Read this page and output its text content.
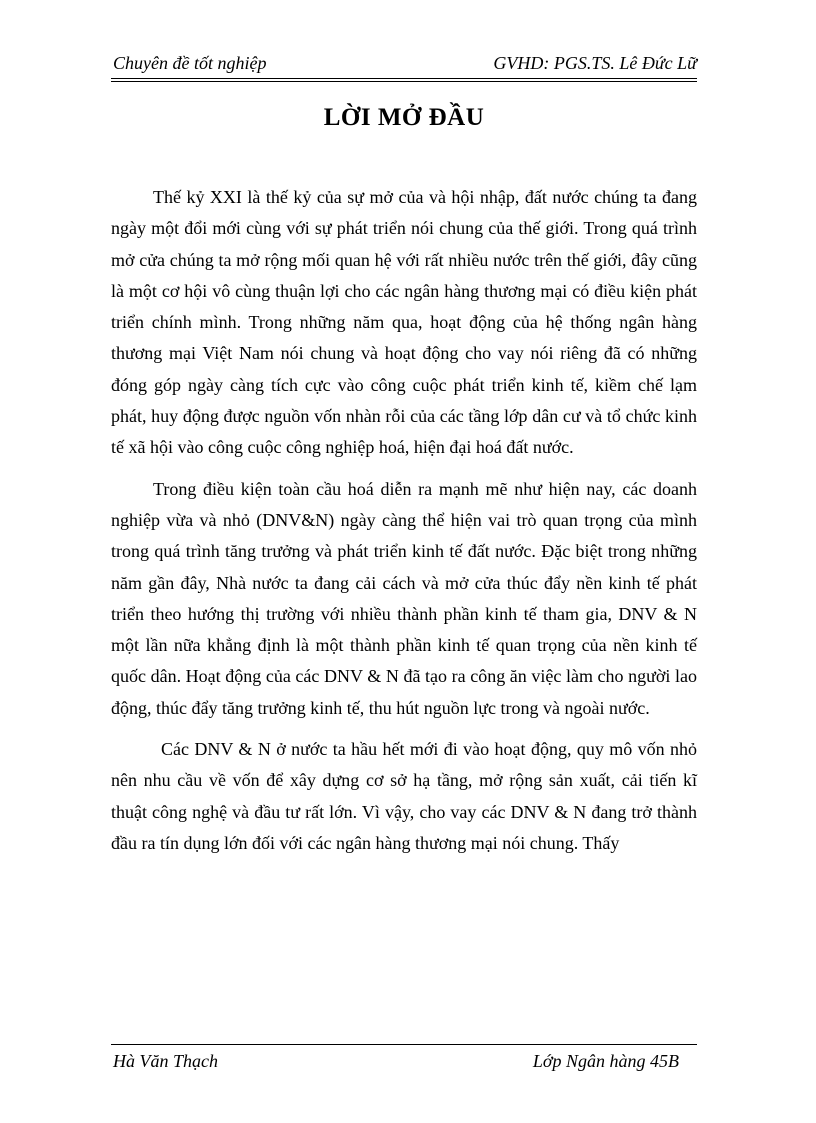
Chuyên đề tốt nghiệp	GVHD: PGS.TS. Lê Đức Lữ
LỜI MỞ ĐẦU

Thế kỷ XXI là thế kỷ của sự mở của và hội nhập, đất nước chúng ta đang ngày một đổi mới cùng với sự phát triển nói chung của thế giới. Trong quá trình mở cửa chúng ta mở rộng mối quan hệ với rất nhiều nước trên thế giới, đây cũng là một cơ hội vô cùng thuận lợi cho các ngân hàng thương mại có điều kiện phát triển chính mình. Trong những năm qua, hoạt động của hệ thống ngân hàng thương mại Việt Nam nói chung và hoạt động cho vay nói riêng đã có những đóng góp ngày càng tích cực vào công cuộc phát triển kinh tế, kiềm chế lạm phát, huy động được nguồn vốn nhàn rỗi của các tầng lớp dân cư và tổ chức kinh tế xã hội vào công cuộc công nghiệp hoá, hiện đại hoá đất nước.

Trong điều kiện toàn cầu hoá diễn ra mạnh mẽ như hiện nay, các doanh nghiệp vừa và nhỏ (DNV&N) ngày càng thể hiện vai trò quan trọng của mình trong quá trình tăng trưởng và phát triển kinh tế đất nước. Đặc biệt trong những năm gần đây, Nhà nước ta đang cải cách và mở cửa thúc đẩy nền kinh tế phát triển theo hướng thị trường với nhiều thành phần kinh tế tham gia, DNV & N một lần nữa khẳng định là một thành phần kinh tế quan trọng của nền kinh tế quốc dân. Hoạt động của các DNV & N đã tạo ra công ăn việc làm cho người lao động, thúc đẩy tăng trưởng kinh tế, thu hút nguồn lực trong và ngoài nước.

Các DNV & N ở nước ta hầu hết mới đi vào hoạt động, quy mô vốn nhỏ nên nhu cầu về vốn để xây dựng cơ sở hạ tầng, mở rộng sản xuất, cải tiến kĩ thuật công nghệ và đầu tư rất lớn. Vì vậy, cho vay các DNV & N đang trở thành đầu ra tín dụng lớn đối với các ngân hàng thương mại nói chung. Thấy

Hà Văn Thạch	Lớp Ngân hàng 45B
